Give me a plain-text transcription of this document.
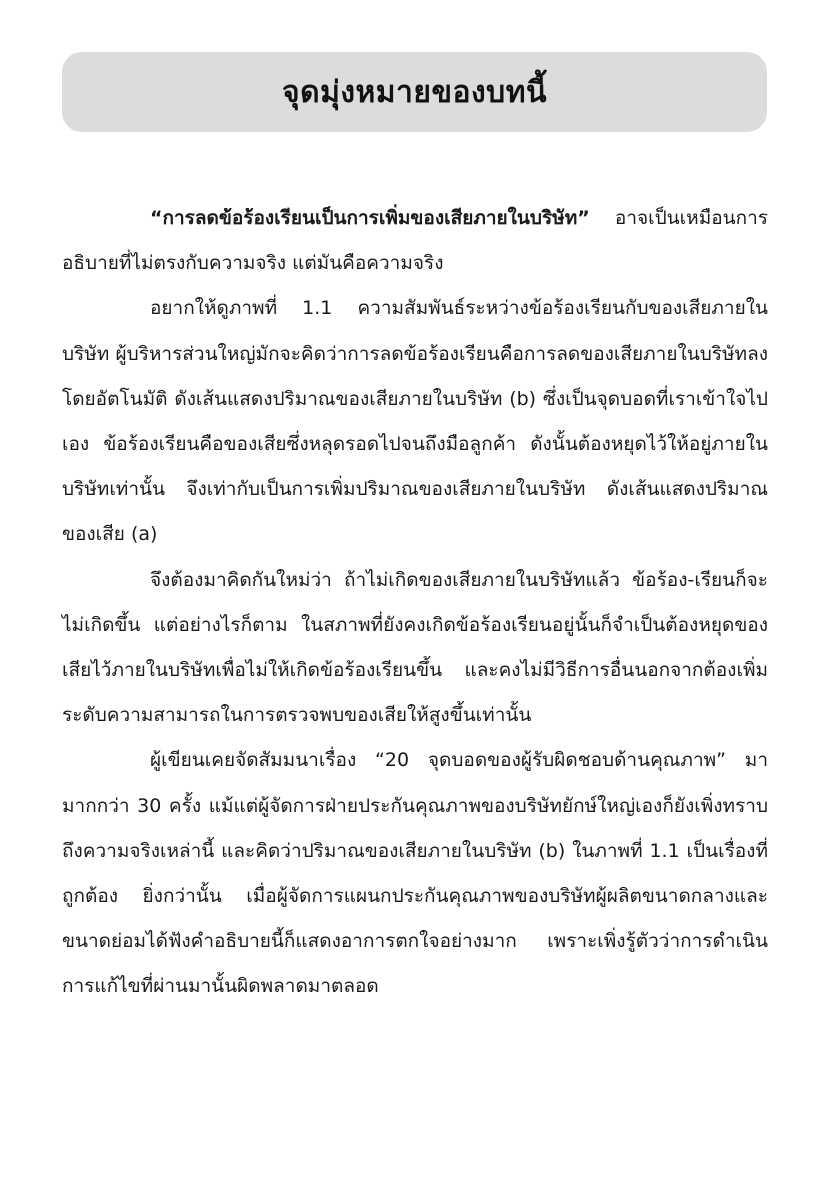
จุดมุ่งหมายของบทนี้

“การลดข้อร้องเรียนเป็นการเพิ่มของเสียภายในบริษัท” อาจเป็นเหมือนการอธิบายที่ไม่ตรงกับความจริง แต่มันคือความจริง

อยากให้ดูภาพที่ 1.1 ความสัมพันธ์ระหว่างข้อร้องเรียนกับของเสียภายในบริษัท ผู้บริหารส่วนใหญ่มักจะคิดว่าการลดข้อร้องเรียนคือการลดของเสียภายในบริษัทลงโดยอัตโนมัติ ดังเส้นแสดงปริมาณของเสียภายในบริษัท (b) ซึ่งเป็นจุดบอดที่เราเข้าใจไปเอง ข้อร้องเรียนคือของเสียซึ่งหลุดรอดไปจนถึงมือลูกค้า ดังนั้นต้องหยุดไว้ให้อยู่ภายในบริษัทเท่านั้น จึงเท่ากับเป็นการเพิ่มปริมาณของเสียภายในบริษัท ดังเส้นแสดงปริมาณของเสีย (a)

จึงต้องมาคิดกันใหม่ว่า ถ้าไม่เกิดของเสียภายในบริษัทแล้ว ข้อร้อง-เรียนก็จะไม่เกิดขึ้น แต่อย่างไรก็ตาม ในสภาพที่ยังคงเกิดข้อร้องเรียนอยู่นั้นก็จำเป็นต้องหยุดของเสียไว้ภายในบริษัทเพื่อไม่ให้เกิดข้อร้องเรียนขึ้น และคงไม่มีวิธีการอื่นนอกจากต้องเพิ่มระดับความสามารถในการตรวจพบของเสียให้สูงขึ้นเท่านั้น

ผู้เขียนเคยจัดสัมมนาเรื่อง “20 จุดบอดของผู้รับผิดชอบด้านคุณภาพ” มามากกว่า 30 ครั้ง แม้แต่ผู้จัดการฝ่ายประกันคุณภาพของบริษัทยักษ์ใหญ่เองก็ยังเพิ่งทราบถึงความจริงเหล่านี้ และคิดว่าปริมาณของเสียภายในบริษัท (b) ในภาพที่ 1.1 เป็นเรื่องที่ถูกต้อง ยิ่งกว่านั้น เมื่อผู้จัดการแผนกประกันคุณภาพของบริษัทผู้ผลิตขนาดกลางและขนาดย่อมได้ฟังคำอธิบายนี้ก็แสดงอาการตกใจอย่างมาก เพราะเพิ่งรู้ตัวว่าการดำเนินการแก้ไขที่ผ่านมานั้นผิดพลาดมาตลอด
